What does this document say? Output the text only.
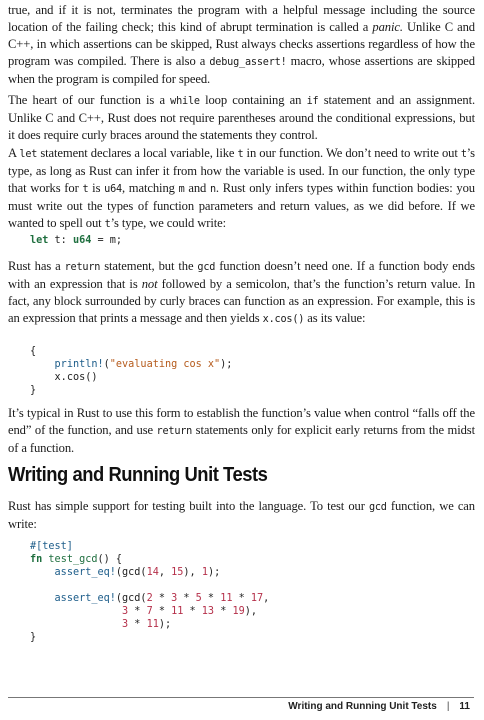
true, and if it is not, terminates the program with a helpful message including the source location of the failing check; this kind of abrupt termination is called a panic. Unlike C and C++, in which assertions can be skipped, Rust always checks assertions regardless of how the program was compiled. There is also a debug_assert! macro, whose assertions are skipped when the program is compiled for speed.

The heart of our function is a while loop containing an if statement and an assignment. Unlike C and C++, Rust does not require parentheses around the conditional expressions, but it does require curly braces around the statements they control.

A let statement declares a local variable, like t in our function. We don’t need to write out t’s type, as long as Rust can infer it from how the variable is used. In our function, the only type that works for t is u64, matching m and n. Rust only infers types within function bodies: you must write out the types of function parameters and return values, as we did before. If we wanted to spell out t’s type, we could write:

let t: u64 = m;

Rust has a return statement, but the gcd function doesn’t need one. If a function body ends with an expression that is not followed by a semicolon, that’s the function’s return value. In fact, any block surrounded by curly braces can function as an expression. For example, this is an expression that prints a message and then yields x.cos() as its value:

{
println!("evaluating cos x");
x.cos()
}

It’s typical in Rust to use this form to establish the function’s value when control “falls off the end” of the function, and use return statements only for explicit early returns from the midst of a function.

Writing and Running Unit Tests

Rust has simple support for testing built into the language. To test our gcd function, we can write:

#[test]
fn test_gcd() {
assert_eq!(gcd(14, 15), 1);

assert_eq!(gcd(2 * 3 * 5 * 11 * 17,
3 * 7 * 11 * 13 * 19),
3 * 11);
}
Writing and Running Unit Tests | 11
